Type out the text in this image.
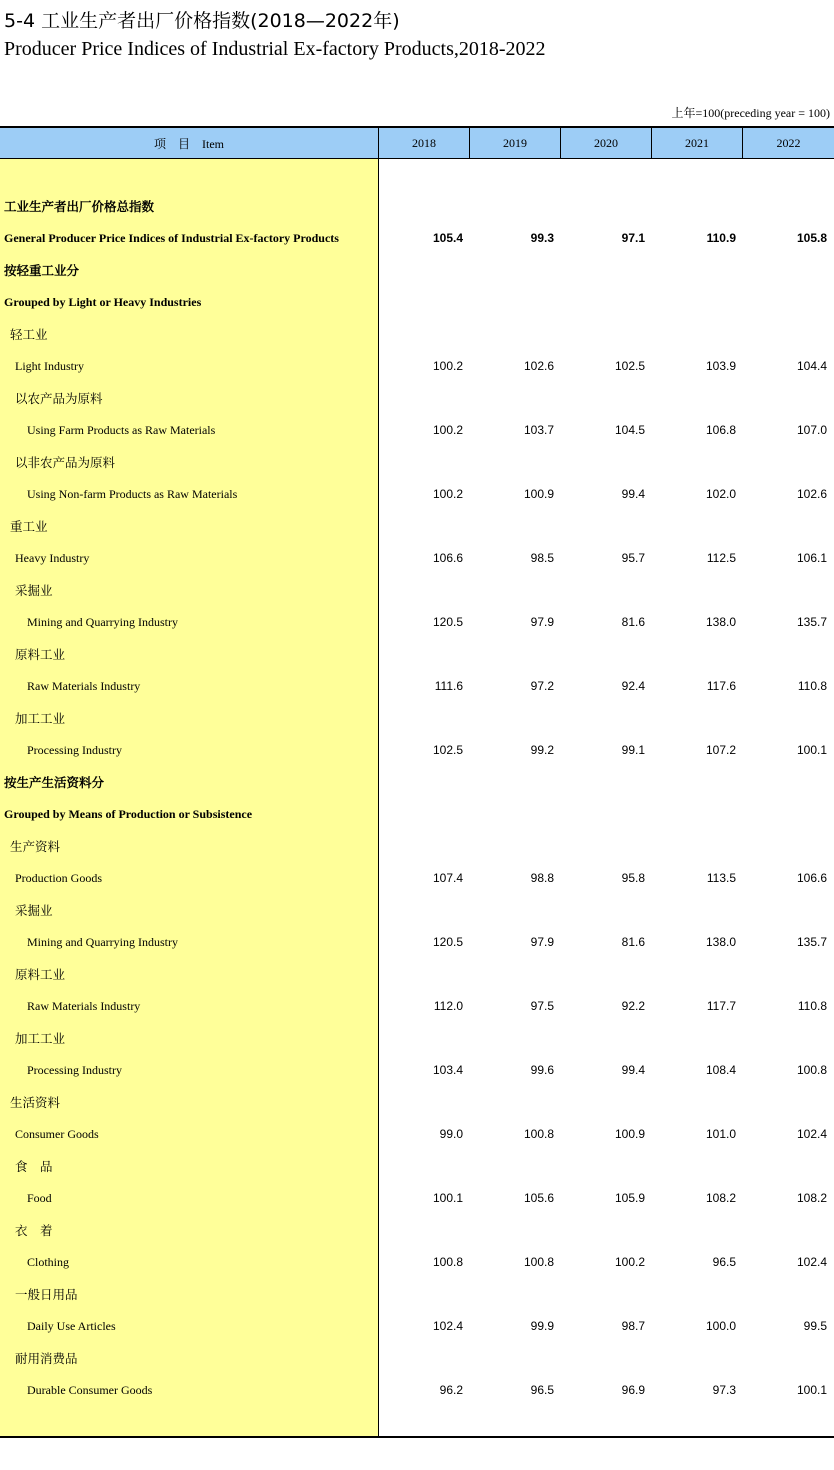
5-4 工业生产者出厂价格指数(2018—2022年)
Producer Price Indices of Industrial Ex-factory Products,2018-2022
上年=100(preceding year = 100)
项　目　Item	2018	2019	2020	2021	2022
工业生产者出厂价格总指数
General Producer Price Indices of Industrial Ex-factory Products	105.4	99.3	97.1	110.9	105.8
按轻重工业分
Grouped by Light or Heavy Industries
轻工业
Light Industry	100.2	102.6	102.5	103.9	104.4
以农产品为原料
Using Farm Products as Raw Materials	100.2	103.7	104.5	106.8	107.0
以非农产品为原料
Using Non-farm Products as Raw Materials	100.2	100.9	99.4	102.0	102.6
重工业
Heavy Industry	106.6	98.5	95.7	112.5	106.1
采掘业
Mining and Quarrying Industry	120.5	97.9	81.6	138.0	135.7
原料工业
Raw Materials Industry	111.6	97.2	92.4	117.6	110.8
加工工业
Processing Industry	102.5	99.2	99.1	107.2	100.1
按生产生活资料分
Grouped by Means of Production or Subsistence
生产资料
Production Goods	107.4	98.8	95.8	113.5	106.6
采掘业
Mining and Quarrying Industry	120.5	97.9	81.6	138.0	135.7
原料工业
Raw Materials Industry	112.0	97.5	92.2	117.7	110.8
加工工业
Processing Industry	103.4	99.6	99.4	108.4	100.8
生活资料
Consumer Goods	99.0	100.8	100.9	101.0	102.4
食　品
Food	100.1	105.6	105.9	108.2	108.2
衣　着
Clothing	100.8	100.8	100.2	96.5	102.4
一般日用品
Daily Use Articles	102.4	99.9	98.7	100.0	99.5
耐用消费品
Durable Consumer Goods	96.2	96.5	96.9	97.3	100.1
